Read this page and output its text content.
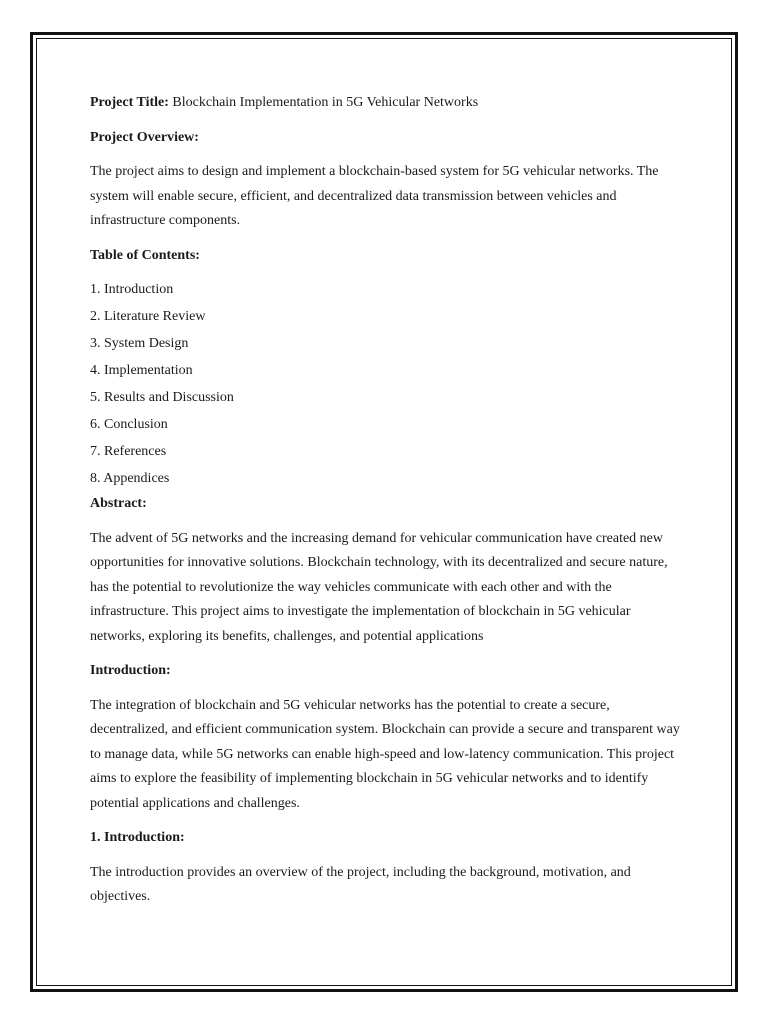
Project Title: Blockchain Implementation in 5G Vehicular Networks

Project Overview:

The project aims to design and implement a blockchain-based system for 5G vehicular networks. The system will enable secure, efficient, and decentralized data transmission between vehicles and infrastructure components.

Table of Contents:

1. Introduction
2. Literature Review
3. System Design
4. Implementation
5. Results and Discussion
6. Conclusion
7. References
8. Appendices

Abstract:

The advent of 5G networks and the increasing demand for vehicular communication have created new opportunities for innovative solutions. Blockchain technology, with its decentralized and secure nature, has the potential to revolutionize the way vehicles communicate with each other and with the infrastructure. This project aims to investigate the implementation of blockchain in 5G vehicular networks, exploring its benefits, challenges, and potential applications

Introduction:

The integration of blockchain and 5G vehicular networks has the potential to create a secure, decentralized, and efficient communication system. Blockchain can provide a secure and transparent way to manage data, while 5G networks can enable high-speed and low-latency communication. This project aims to explore the feasibility of implementing blockchain in 5G vehicular networks and to identify potential applications and challenges.

1. Introduction:

The introduction provides an overview of the project, including the background, motivation, and objectives.
